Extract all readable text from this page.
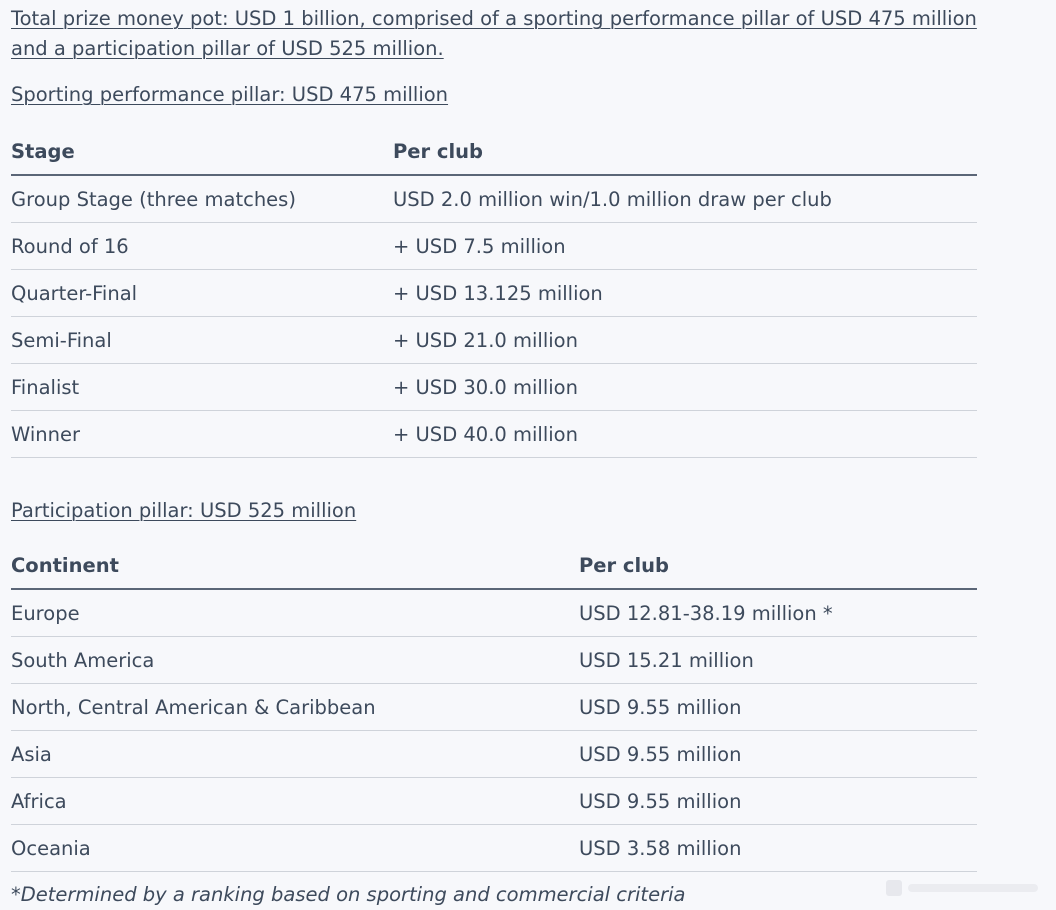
Total prize money pot: USD 1 billion, comprised of a sporting performance pillar of USD 475 million and a participation pillar of USD 525 million.

Sporting performance pillar: USD 475 million

Stage	Per club
Group Stage (three matches)	USD 2.0 million win/1.0 million draw per club
Round of 16	+ USD 7.5 million
Quarter-Final	+ USD 13.125 million
Semi-Final	+ USD 21.0 million
Finalist	+ USD 30.0 million
Winner	+ USD 40.0 million

Participation pillar: USD 525 million

Continent	Per club
Europe	USD 12.81-38.19 million *
South America	USD 15.21 million
North, Central American & Caribbean	USD 9.55 million
Asia	USD 9.55 million
Africa	USD 9.55 million
Oceania	USD 3.58 million

*Determined by a ranking based on sporting and commercial criteria
